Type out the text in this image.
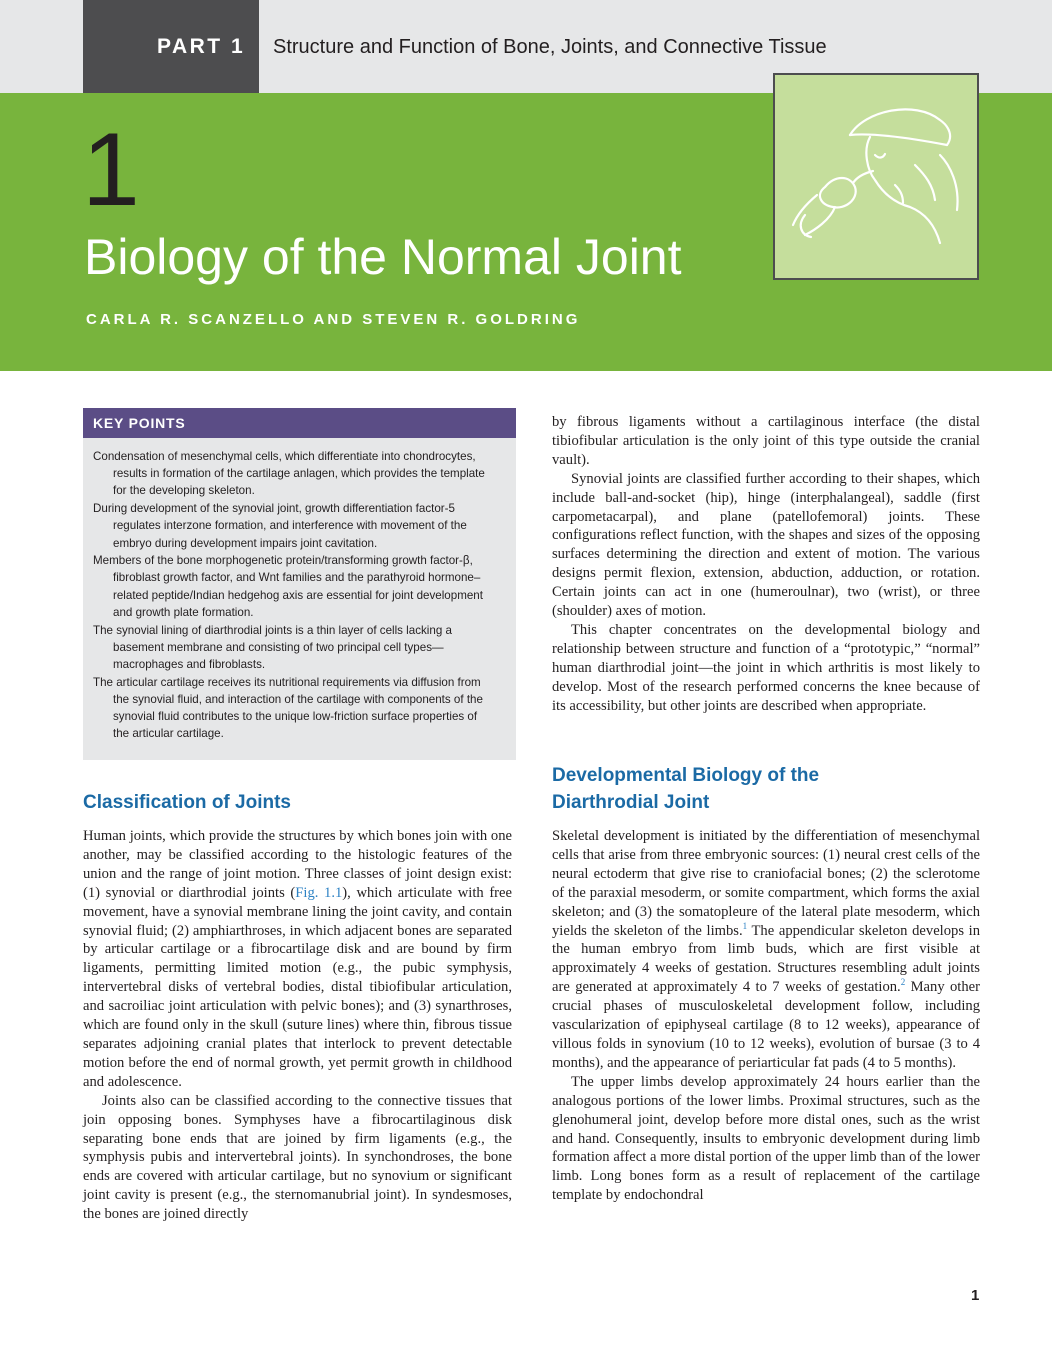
PART 1 Structure and Function of Bone, Joints, and Connective Tissue
1
Biology of the Normal Joint
CARLA R. SCANZELLO AND STEVEN R. GOLDRING
KEY POINTS
Condensation of mesenchymal cells, which differentiate into chondrocytes, results in formation of the cartilage anlagen, which provides the template for the developing skeleton.
During development of the synovial joint, growth differentiation factor-5 regulates interzone formation, and interference with movement of the embryo during development impairs joint cavitation.
Members of the bone morphogenetic protein/transforming growth factor-β, fibroblast growth factor, and Wnt families and the parathyroid hormone–related peptide/Indian hedgehog axis are essential for joint development and growth plate formation.
The synovial lining of diarthrodial joints is a thin layer of cells lacking a basement membrane and consisting of two principal cell types—macrophages and fibroblasts.
The articular cartilage receives its nutritional requirements via diffusion from the synovial fluid, and interaction of the cartilage with components of the synovial fluid contributes to the unique low-friction surface properties of the articular cartilage.
Classification of Joints

Human joints, which provide the structures by which bones join with one another, may be classified according to the histologic features of the union and the range of joint motion. Three classes of joint design exist: (1) synovial or diarthrodial joints (Fig. 1.1), which articulate with free movement, have a synovial membrane lining the joint cavity, and contain synovial fluid; (2) amphiarthroses, in which adjacent bones are separated by articular cartilage or a fibrocartilage disk and are bound by firm ligaments, permitting limited motion (e.g., the pubic symphysis, intervertebral disks of vertebral bodies, distal tibiofibular articulation, and sacroiliac joint articulation with pelvic bones); and (3) synarthroses, which are found only in the skull (suture lines) where thin, fibrous tissue separates adjoining cranial plates that interlock to prevent detectable motion before the end of normal growth, yet permit growth in childhood and adolescence.

Joints also can be classified according to the connective tissues that join opposing bones. Symphyses have a fibrocartilaginous disk separating bone ends that are joined by firm ligaments (e.g., the symphysis pubis and intervertebral joints). In synchondroses, the bone ends are covered with articular cartilage, but no synovium or significant joint cavity is present (e.g., the sternomanubrial joint). In syndesmoses, the bones are joined directly

by fibrous ligaments without a cartilaginous interface (the distal tibiofibular articulation is the only joint of this type outside the cranial vault).

Synovial joints are classified further according to their shapes, which include ball-and-socket (hip), hinge (interphalangeal), saddle (first carpometacarpal), and plane (patellofemoral) joints. These configurations reflect function, with the shapes and sizes of the opposing surfaces determining the direction and extent of motion. The various designs permit flexion, extension, abduction, adduction, or rotation. Certain joints can act in one (humeroulnar), two (wrist), or three (shoulder) axes of motion.

This chapter concentrates on the developmental biology and relationship between structure and function of a “prototypic,” “normal” human diarthrodial joint—the joint in which arthritis is most likely to develop. Most of the research performed concerns the knee because of its accessibility, but other joints are described when appropriate.

Developmental Biology of the
Diarthrodial Joint

Skeletal development is initiated by the differentiation of mesenchymal cells that arise from three embryonic sources: (1) neural crest cells of the neural ectoderm that give rise to craniofacial bones; (2) the sclerotome of the paraxial mesoderm, or somite compartment, which forms the axial skeleton; and (3) the somatopleure of the lateral plate mesoderm, which yields the skeleton of the limbs.$^1$ The appendicular skeleton develops in the human embryo from limb buds, which are first visible at approximately 4 weeks of gestation. Structures resembling adult joints are generated at approximately 4 to 7 weeks of gestation.$^2$ Many other crucial phases of musculoskeletal development follow, including vascularization of epiphyseal cartilage (8 to 12 weeks), appearance of villous folds in synovium (10 to 12 weeks), evolution of bursae (3 to 4 months), and the appearance of periarticular fat pads (4 to 5 months).

The upper limbs develop approximately 24 hours earlier than the analogous portions of the lower limbs. Proximal structures, such as the glenohumeral joint, develop before more distal ones, such as the wrist and hand. Consequently, insults to embryonic development during limb formation affect a more distal portion of the upper limb than of the lower limb. Long bones form as a result of replacement of the cartilage template by endochondral

1
